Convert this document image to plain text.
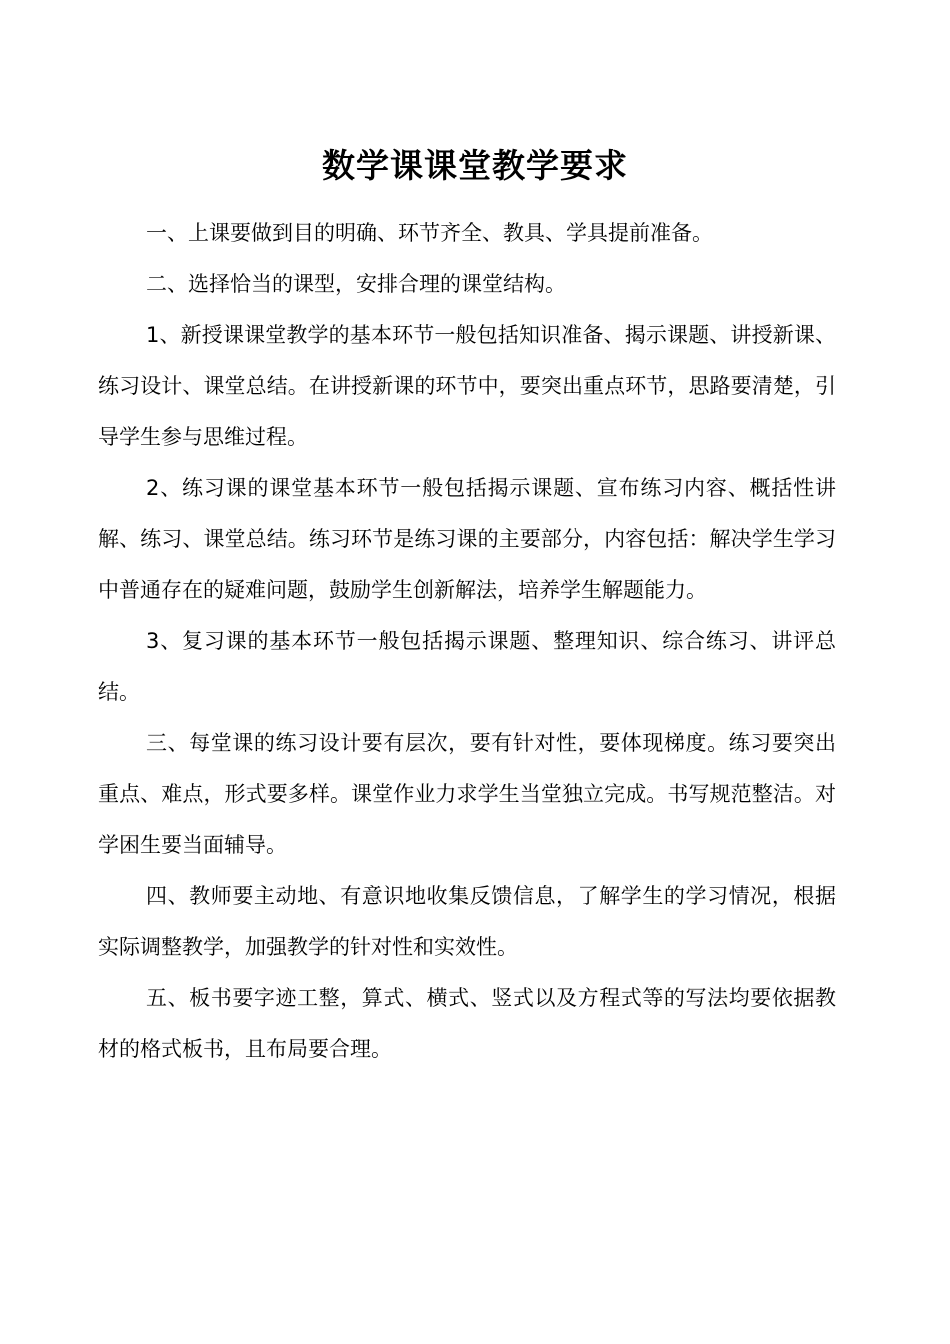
数学课课堂教学要求

一、上课要做到目的明确、环节齐全、教具、学具提前准备。

二、选择恰当的课型，安排合理的课堂结构。

1、新授课课堂教学的基本环节一般包括知识准备、揭示课题、讲授新课、练习设计、课堂总结。在讲授新课的环节中，要突出重点环节，思路要清楚，引导学生参与思维过程。

2、练习课的课堂基本环节一般包括揭示课题、宣布练习内容、概括性讲解、练习、课堂总结。练习环节是练习课的主要部分，内容包括：解决学生学习中普通存在的疑难问题，鼓励学生创新解法，培养学生解题能力。

3、复习课的基本环节一般包括揭示课题、整理知识、综合练习、讲评总结。

三、每堂课的练习设计要有层次，要有针对性，要体现梯度。练习要突出重点、难点，形式要多样。课堂作业力求学生当堂独立完成。书写规范整洁。对学困生要当面辅导。

四、教师要主动地、有意识地收集反馈信息，了解学生的学习情况，根据实际调整教学，加强教学的针对性和实效性。

五、板书要字迹工整，算式、横式、竖式以及方程式等的写法均要依据教材的格式板书，且布局要合理。
